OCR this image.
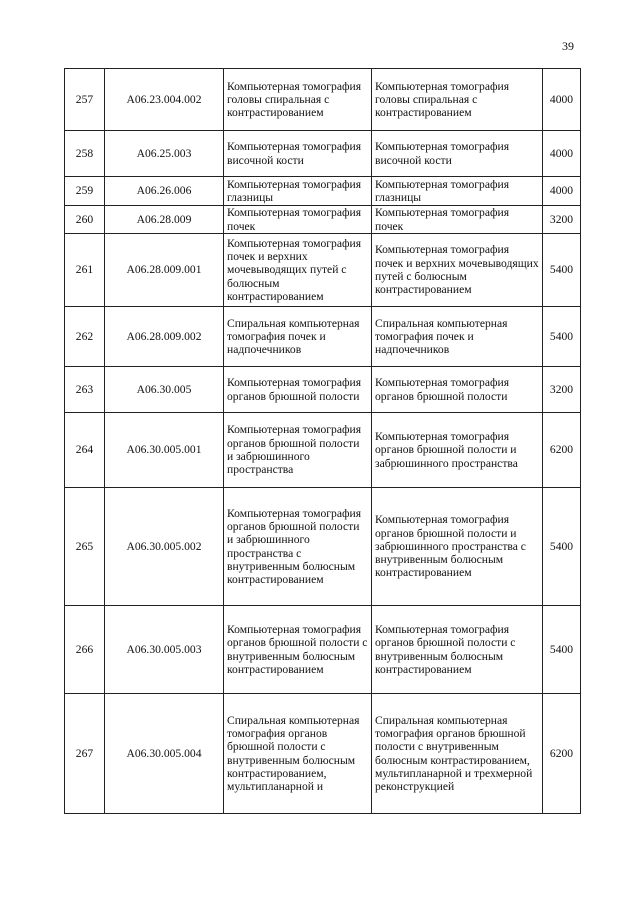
39
257	A06.23.004.002	Компьютерная томография головы спиральная с контрастированием	Компьютерная томография головы спиральная с контрастированием	4000
258	A06.25.003	Компьютерная томография височной кости	Компьютерная томография височной кости	4000
259	A06.26.006	Компьютерная томография глазницы	Компьютерная томография глазницы	4000
260	A06.28.009	Компьютерная томография почек	Компьютерная томография почек	3200
261	A06.28.009.001	Компьютерная томография почек и верхних мочевыводящих путей с болюсным контрастированием	Компьютерная томография почек и верхних мочевыводящих путей с болюсным контрастированием	5400
262	A06.28.009.002	Спиральная компьютерная томография почек и надпочечников	Спиральная компьютерная томография почек и надпочечников	5400
263	A06.30.005	Компьютерная томография органов брюшной полости	Компьютерная томография органов брюшной полости	3200
264	A06.30.005.001	Компьютерная томография органов брюшной полости и забрюшинного пространства	Компьютерная томография органов брюшной полости и забрюшинного пространства	6200
265	A06.30.005.002	Компьютерная томография органов брюшной полости и забрюшинного пространства с внутривенным болюсным контрастированием	Компьютерная томография органов брюшной полости и забрюшинного пространства с внутривенным болюсным контрастированием	5400
266	A06.30.005.003	Компьютерная томография органов брюшной полости с внутривенным болюсным контрастированием	Компьютерная томография органов брюшной полости с внутривенным болюсным контрастированием	5400
267	A06.30.005.004	Спиральная компьютерная томография органов брюшной полости с внутривенным болюсным контрастированием, мультипланарной и	Спиральная компьютерная томография органов брюшной полости с внутривенным болюсным контрастированием, мультипланарной и трехмерной реконструкцией	6200
